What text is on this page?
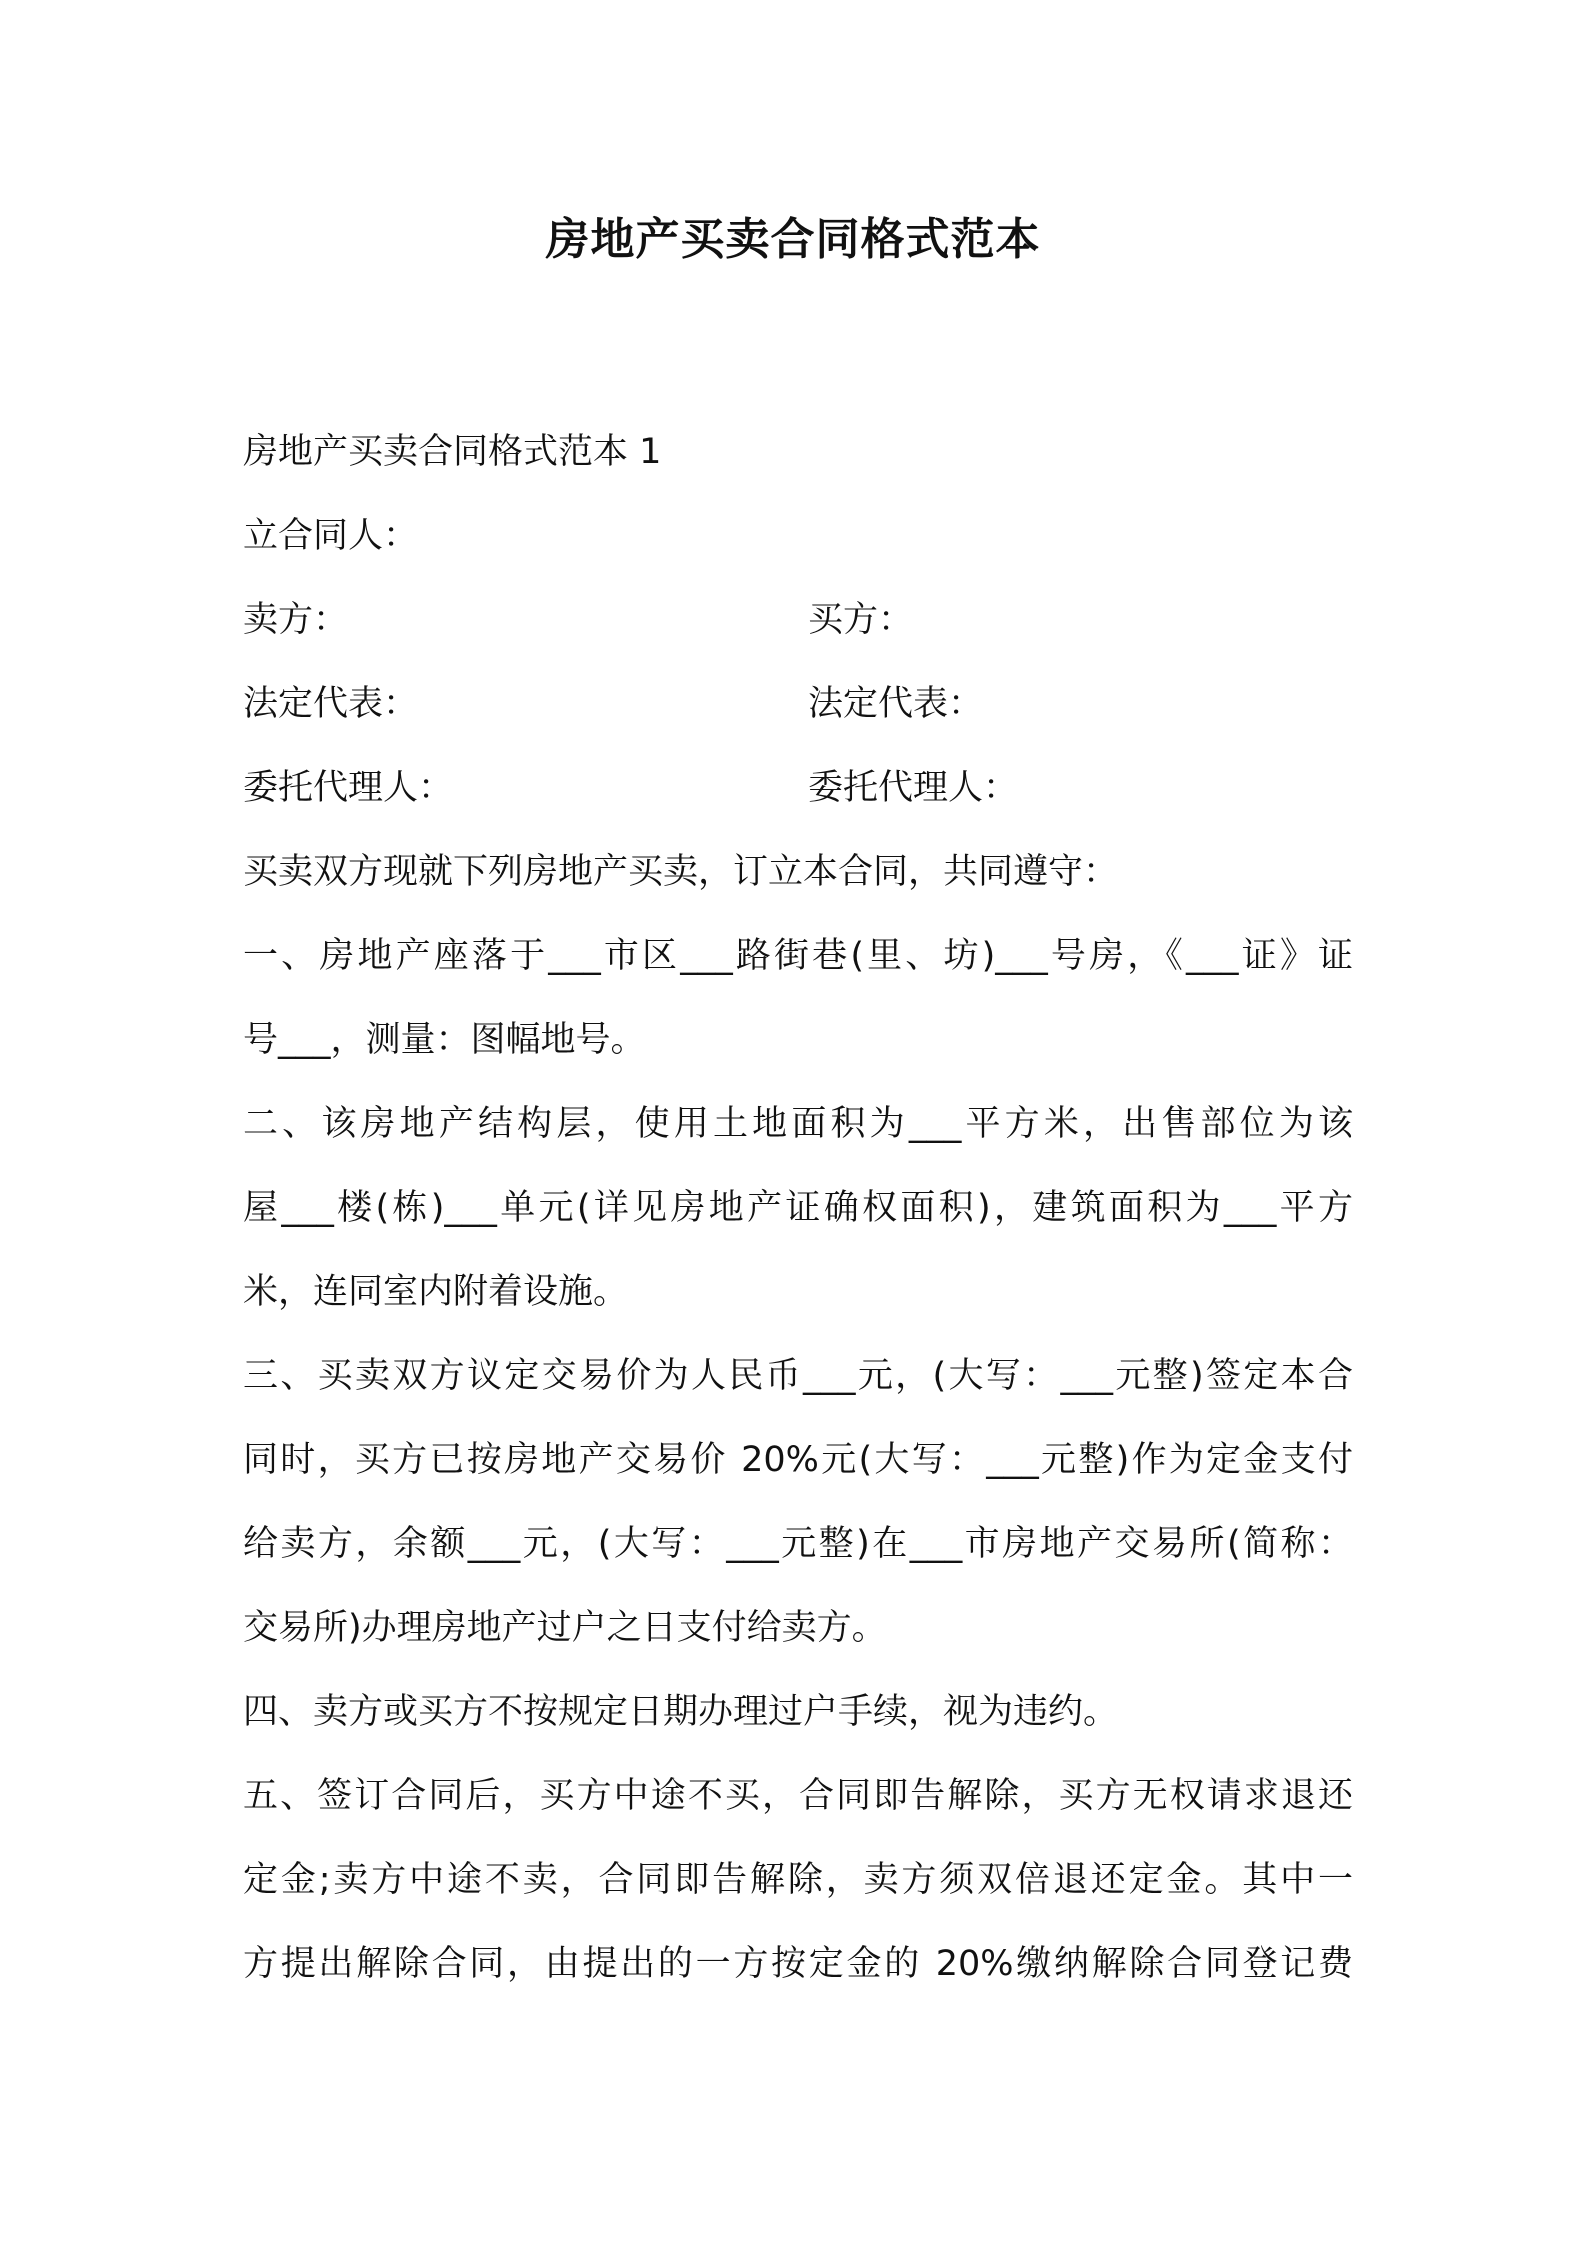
房地产买卖合同格式范本
房地产买卖合同格式范本 1
立合同人：
卖方：	买方：
法定代表：	法定代表：
委托代理人：	委托代理人：
买卖双方现就下列房地产买卖，订立本合同，共同遵守：
一、房地产座落于___市区___路街巷(里、坊)___号房，《___证》证
号___，测量：图幅地号。
二、该房地产结构层，使用土地面积为___平方米，出售部位为该
屋___楼(栋)___单元(详见房地产证确权面积)，建筑面积为___平方
米，连同室内附着设施。
三、买卖双方议定交易价为人民币___元，(大写：___元整)签定本合
同时，买方已按房地产交易价 20%元(大写：___元整)作为定金支付
给卖方，余额___元，(大写：___元整)在___市房地产交易所(简称：
交易所)办理房地产过户之日支付给卖方。
四、卖方或买方不按规定日期办理过户手续，视为违约。
五、签订合同后，买方中途不买，合同即告解除，买方无权请求退还
定金;卖方中途不卖，合同即告解除，卖方须双倍退还定金。其中一
方提出解除合同，由提出的一方按定金的 20%缴纳解除合同登记费
